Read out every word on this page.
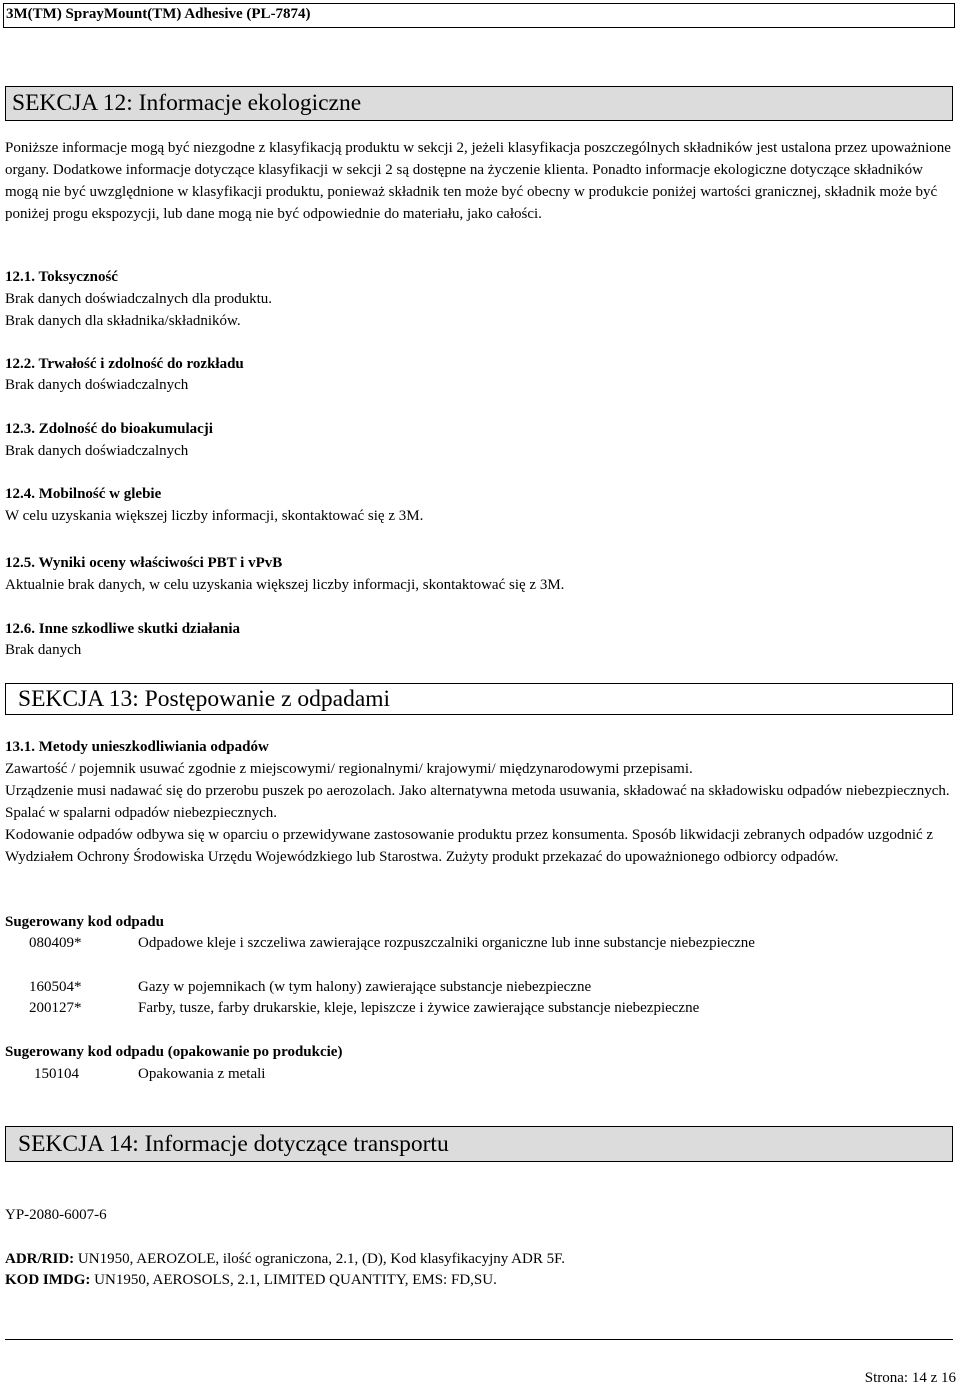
3M(TM) SprayMount(TM) Adhesive (PL-7874)
SEKCJA 12: Informacje ekologiczne
Poniższe informacje mogą być niezgodne z klasyfikacją produktu w sekcji 2, jeżeli klasyfikacja poszczególnych składników jest ustalona przez upoważnione organy. Dodatkowe informacje dotyczące klasyfikacji w sekcji 2 są dostępne na życzenie klienta. Ponadto informacje ekologiczne dotyczące składników mogą nie być uwzględnione w klasyfikacji produktu, ponieważ składnik ten może być obecny w produkcie poniżej wartości granicznej, składnik może być poniżej progu ekspozycji, lub dane mogą nie być odpowiednie do materiału, jako całości.
12.1. Toksyczność
Brak danych doświadczalnych dla produktu.
Brak danych dla składnika/składników.
12.2. Trwałość i zdolność do rozkładu
Brak danych doświadczalnych
12.3. Zdolność do bioakumulacji
Brak danych doświadczalnych
12.4. Mobilność w glebie
W celu uzyskania większej liczby informacji, skontaktować się z 3M.
12.5. Wyniki oceny właściwości PBT i vPvB
Aktualnie brak danych, w celu uzyskania większej liczby informacji, skontaktować się z 3M.
12.6. Inne szkodliwe skutki działania
Brak danych
SEKCJA 13: Postępowanie z odpadami
13.1. Metody unieszkodliwiania odpadów
Zawartość / pojemnik usuwać zgodnie z miejscowymi/ regionalnymi/ krajowymi/ międzynarodowymi przepisami.
Urządzenie musi nadawać się do przerobu puszek po aerozolach. Jako alternatywna metoda usuwania, składować na składowisku odpadów niebezpiecznych. Spalać w spalarni odpadów niebezpiecznych.
Kodowanie odpadów odbywa się w oparciu o przewidywane zastosowanie produktu przez konsumenta. Sposób likwidacji zebranych odpadów uzgodnić z Wydziałem Ochrony Środowiska Urzędu Wojewódzkiego lub Starostwa. Zużyty produkt przekazać do upoważnionego odbiorcy odpadów.
Sugerowany kod odpadu
080409*	Odpadowe kleje i szczeliwa zawierające rozpuszczalniki organiczne lub inne substancje niebezpieczne
160504*	Gazy w pojemnikach (w tym halony) zawierające substancje niebezpieczne
200127*	Farby, tusze, farby drukarskie, kleje, lepiszcze i żywice zawierające substancje niebezpieczne
Sugerowany kod odpadu (opakowanie po produkcie)
150104	Opakowania z metali
SEKCJA 14: Informacje dotyczące transportu
YP-2080-6007-6
ADR/RID: UN1950, AEROZOLE, ilość ograniczona, 2.1, (D), Kod klasyfikacyjny ADR 5F.
KOD IMDG: UN1950, AEROSOLS, 2.1, LIMITED QUANTITY, EMS: FD,SU.
Strona: 14 z 16
